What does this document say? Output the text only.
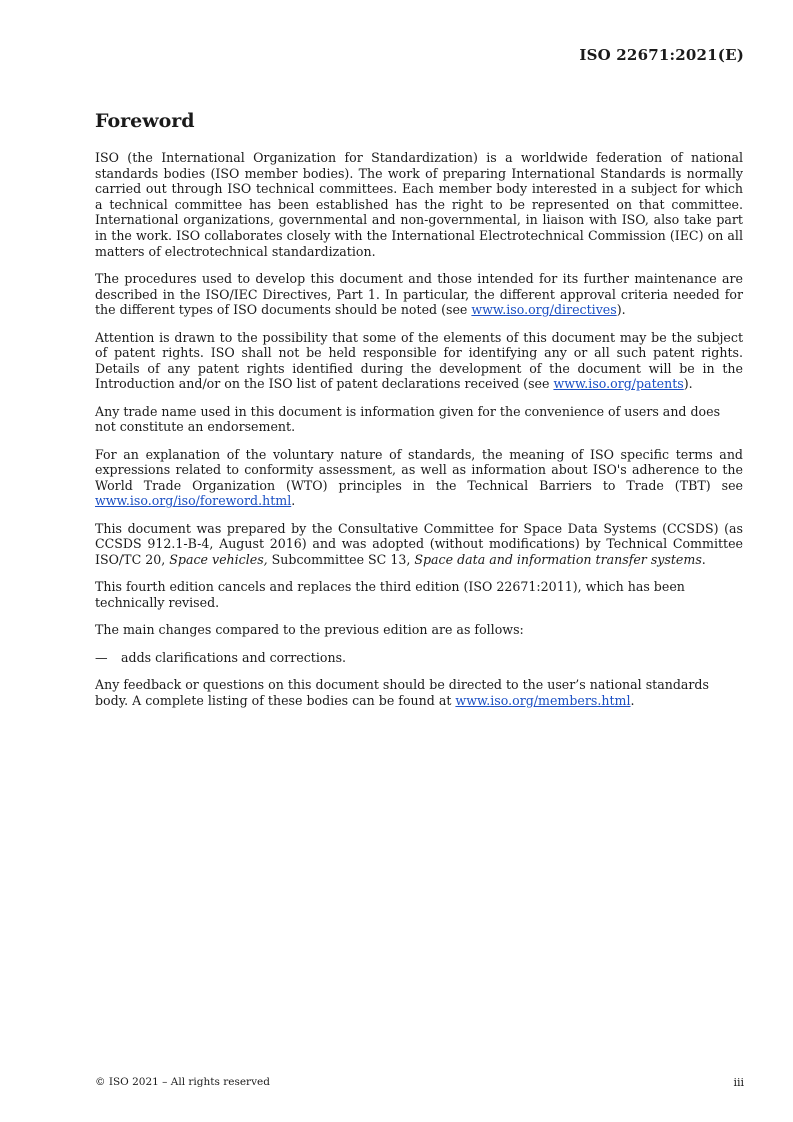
ISO 22671:2021(E)
Foreword

ISO (the International Organization for Standardization) is a worldwide federation of national standards bodies (ISO member bodies). The work of preparing International Standards is normally carried out through ISO technical committees. Each member body interested in a subject for which a technical committee has been established has the right to be represented on that committee. International organizations, governmental and non-governmental, in liaison with ISO, also take part in the work. ISO collaborates closely with the International Electrotechnical Commission (IEC) on all matters of electrotechnical standardization.

The procedures used to develop this document and those intended for its further maintenance are described in the ISO/IEC Directives, Part 1. In particular, the different approval criteria needed for the different types of ISO documents should be noted (see www.iso.org/directives).

Attention is drawn to the possibility that some of the elements of this document may be the subject of patent rights. ISO shall not be held responsible for identifying any or all such patent rights. Details of any patent rights identified during the development of the document will be in the Introduction and/or on the ISO list of patent declarations received (see www.iso.org/patents).

Any trade name used in this document is information given for the convenience of users and does not constitute an endorsement.

For an explanation of the voluntary nature of standards, the meaning of ISO specific terms and expressions related to conformity assessment, as well as information about ISO's adherence to the World Trade Organization (WTO) principles in the Technical Barriers to Trade (TBT) see www.iso.org/iso/foreword.html.

This document was prepared by the Consultative Committee for Space Data Systems (CCSDS) (as CCSDS 912.1-B-4, August 2016) and was adopted (without modifications) by Technical Committee ISO/TC 20, Space vehicles, Subcommittee SC 13, Space data and information transfer systems.

This fourth edition cancels and replaces the third edition (ISO 22671:2011), which has been technically revised.

The main changes compared to the previous edition are as follows:

— adds clarifications and corrections.

Any feedback or questions on this document should be directed to the user’s national standards body. A complete listing of these bodies can be found at www.iso.org/members.html.

© ISO 2021 – All rights reserved	iii
